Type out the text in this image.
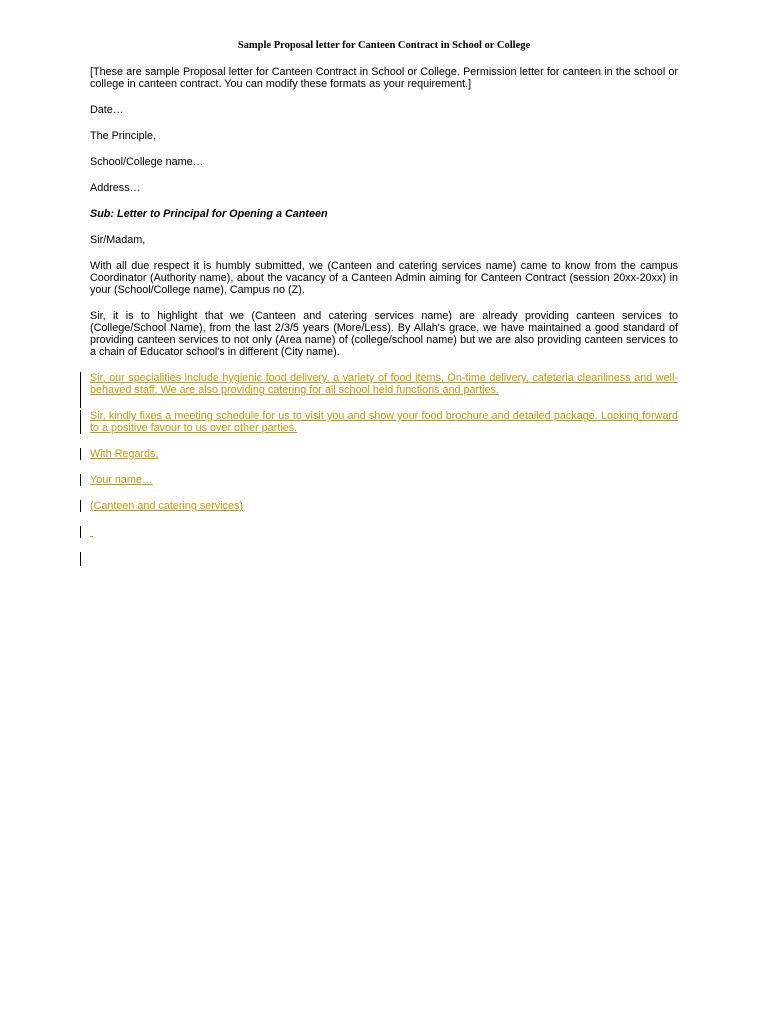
Sample Proposal letter for Canteen Contract in School or College

[These are sample Proposal letter for Canteen Contract in School or College. Permission letter for canteen in the school or college in canteen contract. You can modify these formats as your requirement.]

Date…

The Principle,

School/College name…

Address…

Sub: Letter to Principal for Opening a Canteen

Sir/Madam,

With all due respect it is humbly submitted, we (Canteen and catering services name) came to know from the campus Coordinator (Authority name), about the vacancy of a Canteen Admin aiming for Canteen Contract (session 20xx-20xx) in your (School/College name), Campus no (Z).

Sir, it is to highlight that we (Canteen and catering services name) are already providing canteen services to (College/School Name), from the last 2/3/5 years (More/Less). By Allah's grace, we have maintained a good standard of providing canteen services to not only (Area name) of (college/school name) but we are also providing canteen services to a chain of Educator school's in different (City name).

Sir, our specialities include hygienic food delivery, a variety of food items, On-time delivery, cafeteria cleanliness and well-behaved staff. We are also providing catering for all school held functions and parties.

Sir, kindly fixes a meeting schedule for us to visit you and show your food brochure and detailed package. Looking forward to a positive favour to us over other parties.

With Regards,

Your name…

(Canteen and catering services)
